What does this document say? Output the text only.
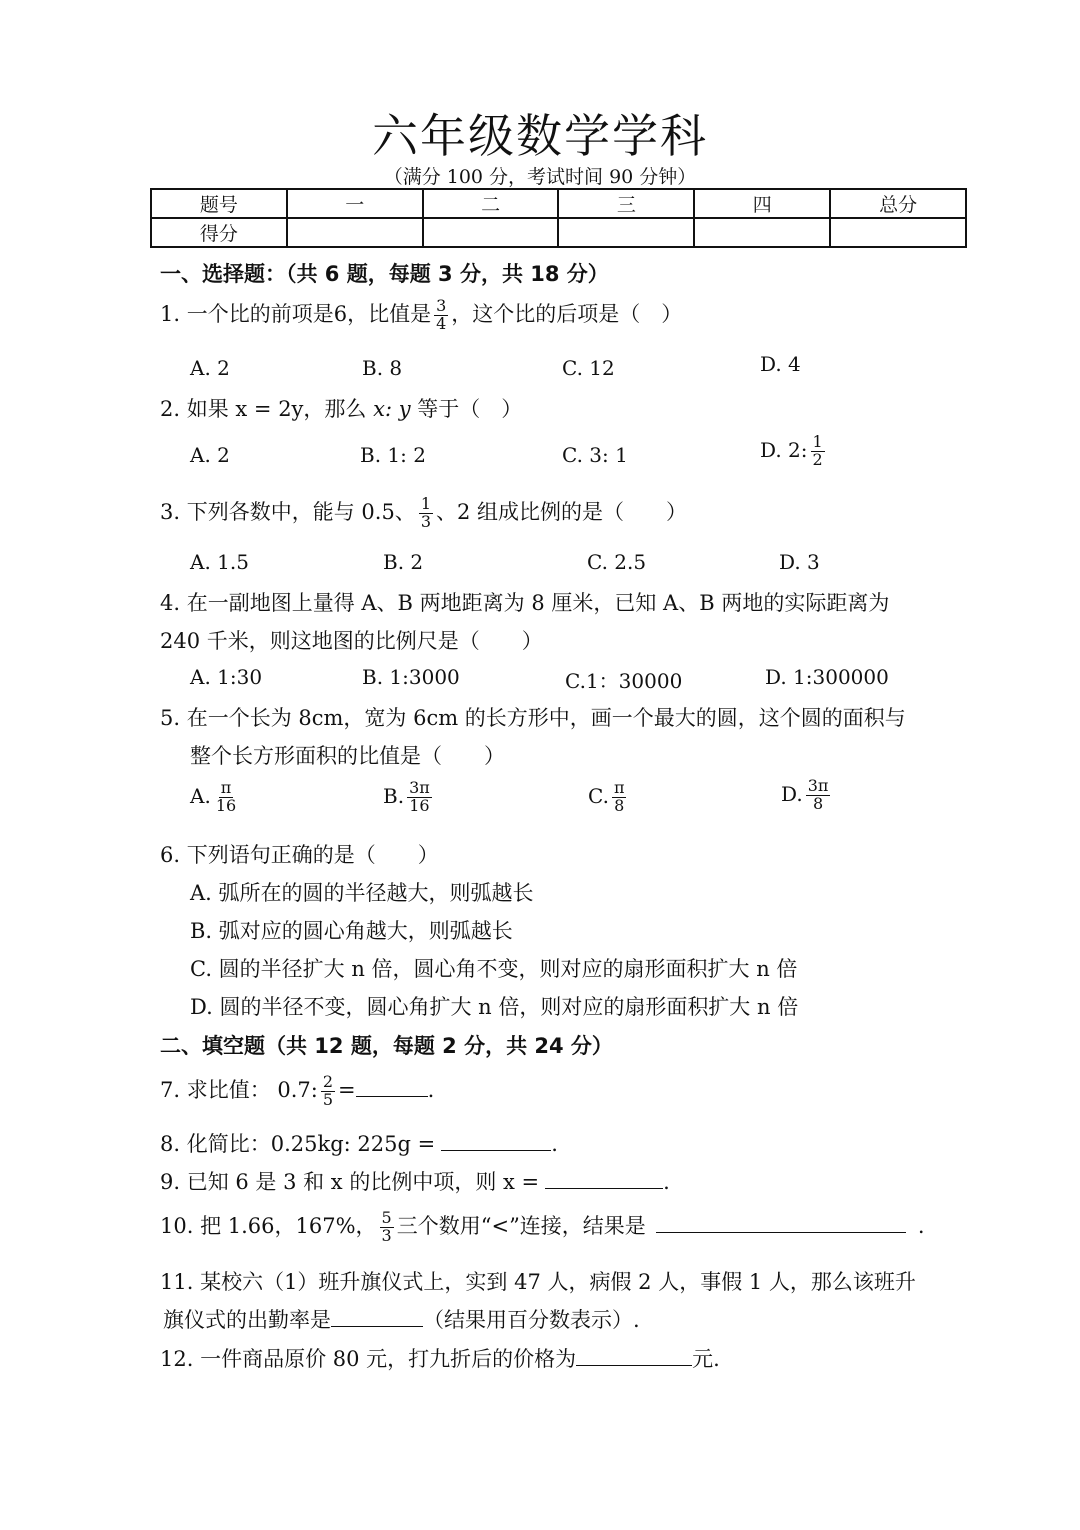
六年级数学学科
（满分 100 分，考试时间 90 分钟）
题号	一	二	三	四	总分
得分					
一、选择题：（共 6 题，每题 3 分，共 18 分）
1. 一个比的前项是6，比值是 $\frac{3}{4}$ ，这个比的后项是（　）
A. 2	B. 8	C. 12	D. 4
2. 如果 x = 2y，那么 x: y 等于（　）
A. 2	B. 1: 2	C. 3: 1	D. 2: $\frac{1}{2}$
3. 下列各数中，能与 0.5、 $\frac{1}{3}$ 、2 组成比例的是（　　）
A. 1.5	B. 2	C. 2.5	D. 3
4. 在一副地图上量得 A、B 两地距离为 8 厘米，已知 A、B 两地的实际距离为
240 千米，则这地图的比例尺是（　　）
A. 1:30	B. 1:3000	C.1：30000	D. 1:300000
5. 在一个长为 8cm，宽为 6cm 的长方形中，画一个最大的圆，这个圆的面积与
整个长方形面积的比值是（　　）
A. $\frac{\pi}{16}$	B. $\frac{3\pi}{16}$	C. $\frac{\pi}{8}$	D. $\frac{3\pi}{8}$
6. 下列语句正确的是（　　）
A. 弧所在的圆的半径越大，则弧越长
B. 弧对应的圆心角越大，则弧越长
C. 圆的半径扩大 n 倍，圆心角不变，则对应的扇形面积扩大 n 倍
D. 圆的半径不变，圆心角扩大 n 倍，则对应的扇形面积扩大 n 倍
二、填空题（共 12 题，每题 2 分，共 24 分）
7. 求比值： 0.7: $\frac{2}{5}$ =	.
8. 化简比：0.25kg: 225g =	.
9. 已知 6 是 3 和 x 的比例中项，则 x =	.
10. 把 1.66，167%， $\frac{5}{3}$ 三个数用“<”连接，结果是	.
11. 某校六（1）班升旗仪式上，实到 47 人，病假 2 人，事假 1 人，那么该班升
旗仪式的出勤率是	（结果用百分数表示）.
12. 一件商品原价 80 元，打九折后的价格为	元.
